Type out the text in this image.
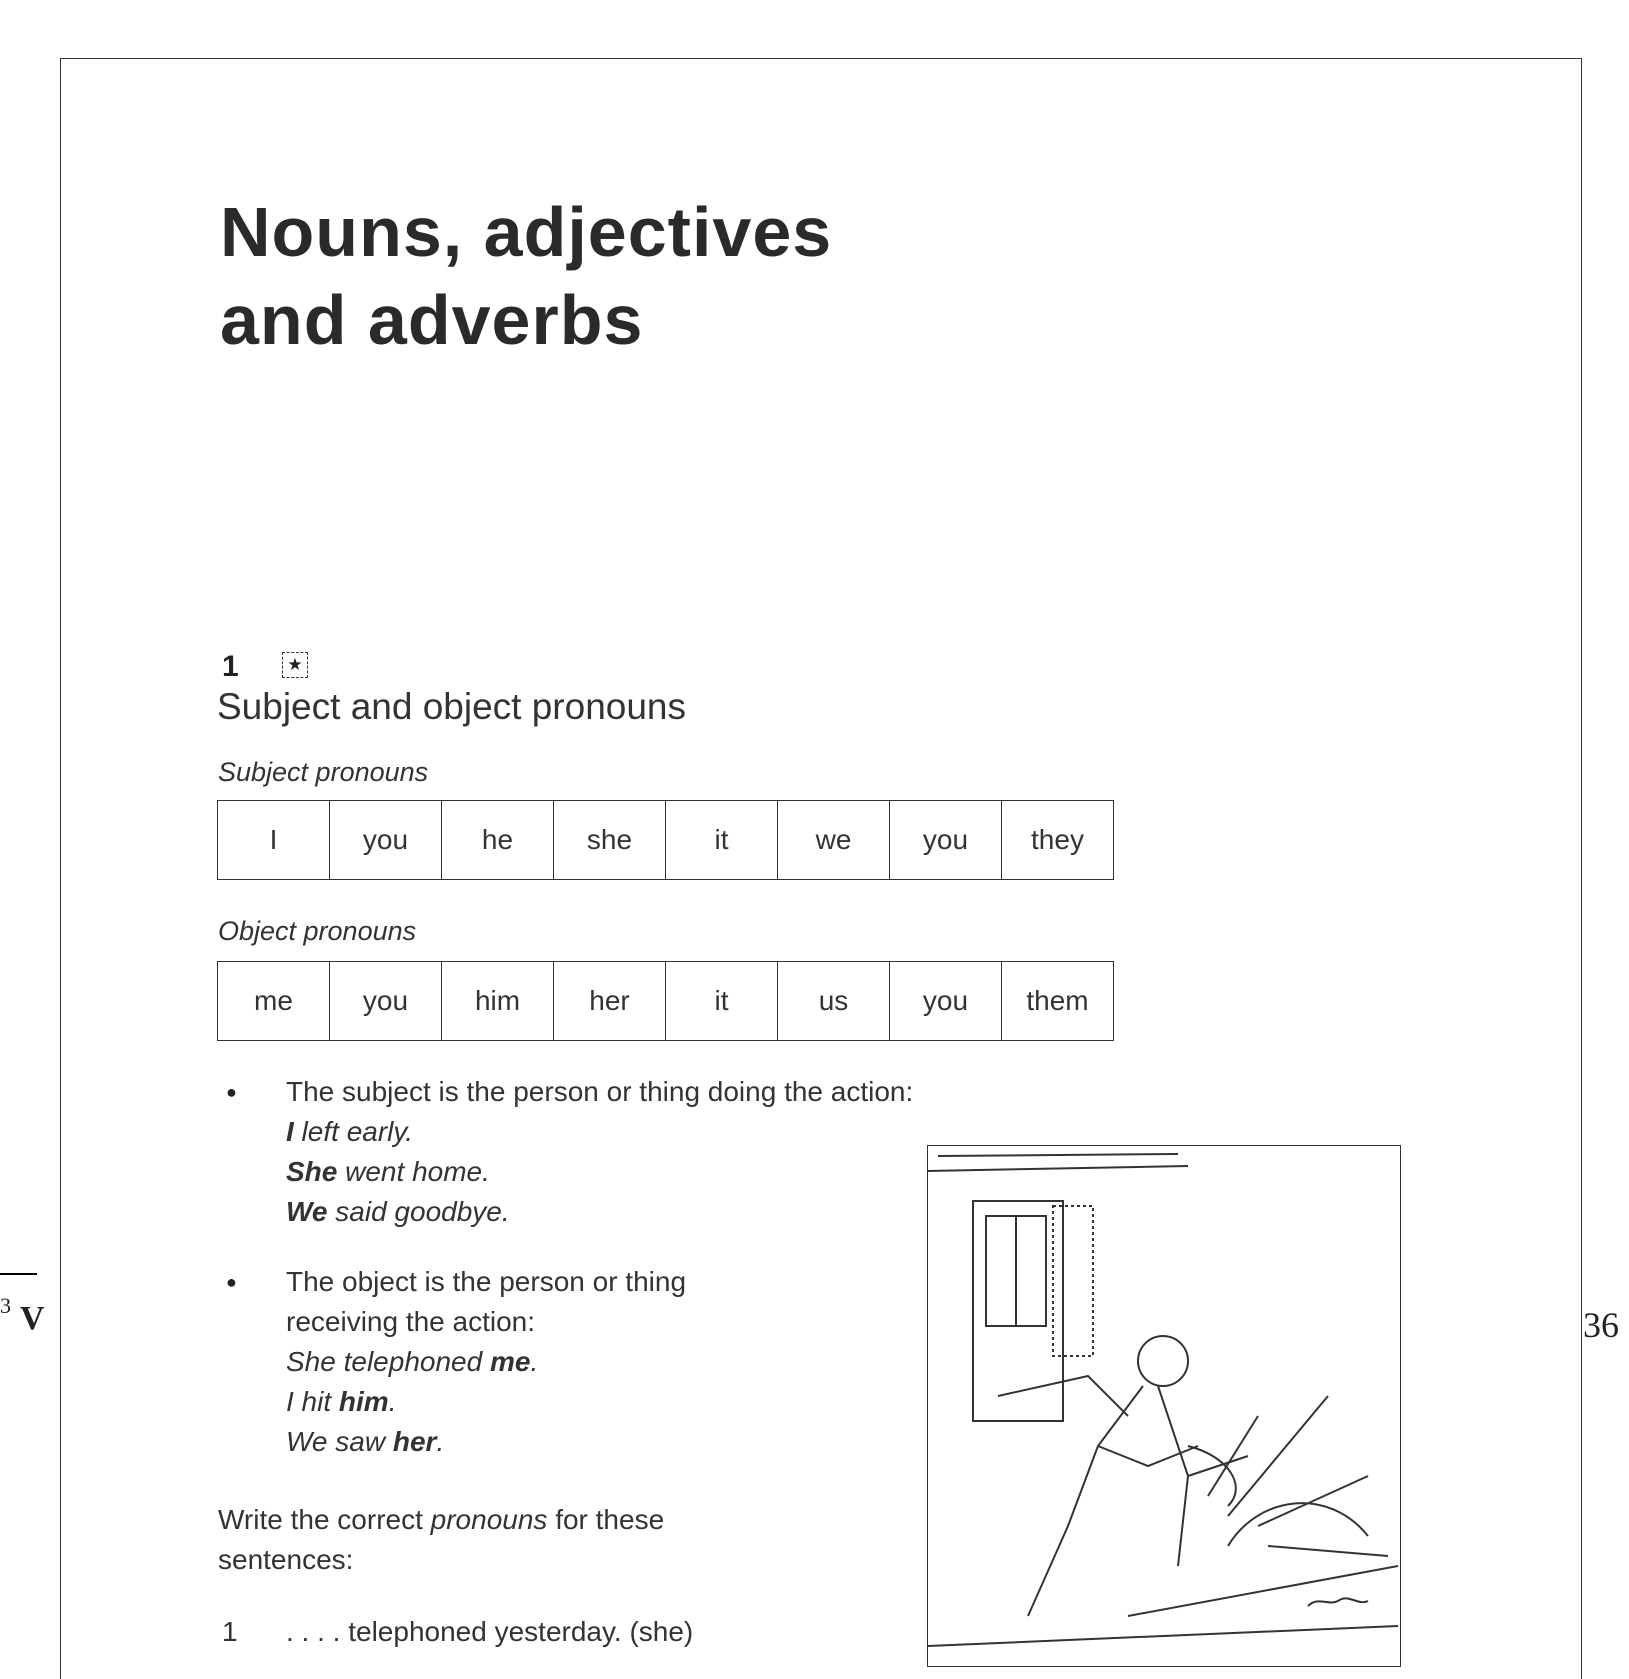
Nouns, adjectives
and adverbs
1	★
Subject and object pronouns
Subject pronouns
I	you	he	she	it	we	you	they
Object pronouns
me	you	him	her	it	us	you	them
● The subject is the person or thing doing the action:
I left early.
She went home.
We said goodbye.
● The object is the person or thing
receiving the action:
She telephoned me.
I hit him.
We saw her.
Write the correct pronouns for these
sentences:
1 . . . . telephoned yesterday. (she)
3 V	36
